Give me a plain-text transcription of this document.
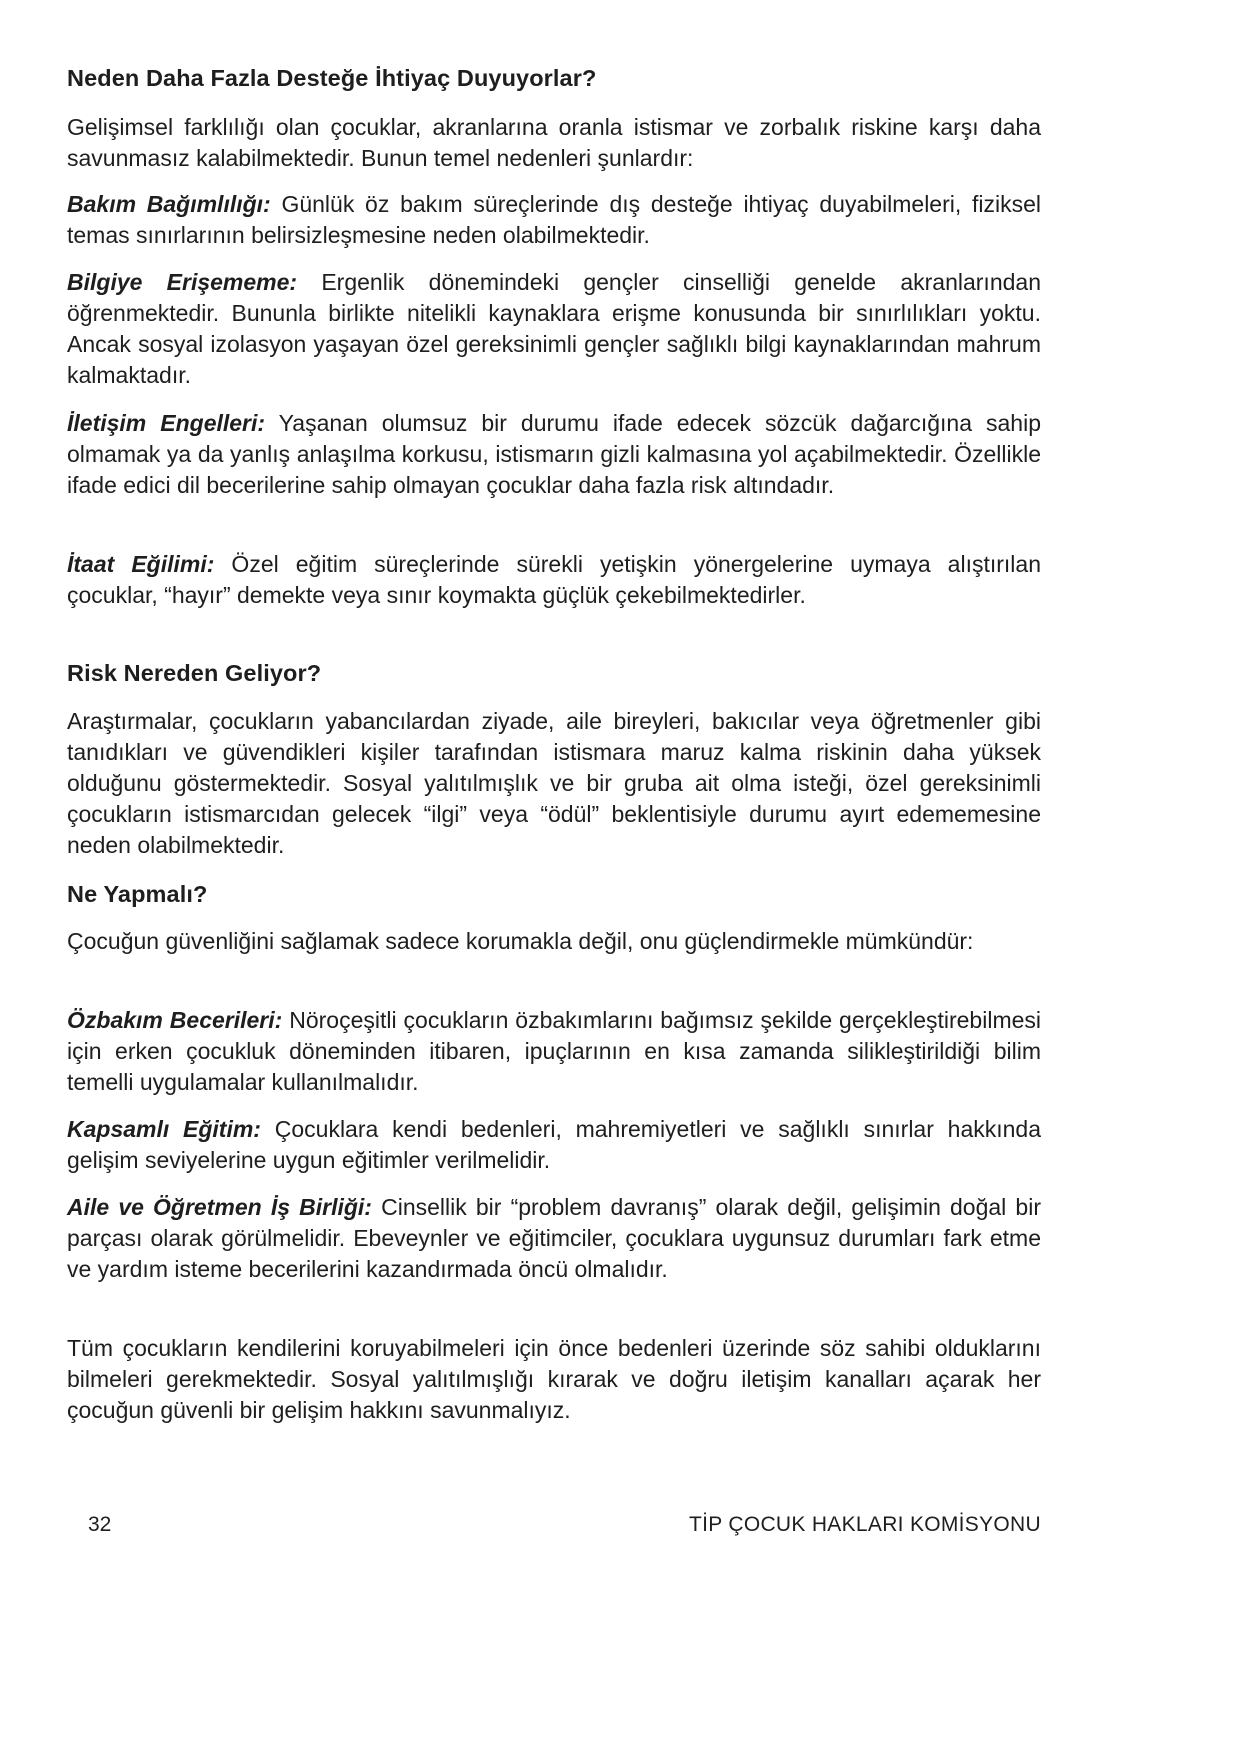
Neden Daha Fazla Desteğe İhtiyaç Duyuyorlar?

Gelişimsel farklılığı olan çocuklar, akranlarına oranla istismar ve zorbalık riskine karşı daha savunmasız kalabilmektedir. Bunun temel nedenleri şunlardır:

Bakım Bağımlılığı: Günlük öz bakım süreçlerinde dış desteğe ihtiyaç duyabilmeleri, fiziksel temas sınırlarının belirsizleşmesine neden olabilmektedir.

Bilgiye Erişememe: Ergenlik dönemindeki gençler cinselliği genelde akranlarından öğrenmektedir. Bununla birlikte nitelikli kaynaklara erişme konusunda bir sınırlılıkları yoktu. Ancak sosyal izolasyon yaşayan özel gereksinimli gençler sağlıklı bilgi kaynaklarından mahrum kalmaktadır.

İletişim Engelleri: Yaşanan olumsuz bir durumu ifade edecek sözcük dağarcığına sahip olmamak ya da yanlış anlaşılma korkusu, istismarın gizli kalmasına yol açabilmektedir. Özellikle ifade edici dil becerilerine sahip olmayan çocuklar daha fazla risk altındadır.

İtaat Eğilimi: Özel eğitim süreçlerinde sürekli yetişkin yönergelerine uymaya alıştırılan çocuklar, “hayır” demekte veya sınır koymakta güçlük çekebilmektedirler.

Risk Nereden Geliyor?

Araştırmalar, çocukların yabancılardan ziyade, aile bireyleri, bakıcılar veya öğretmenler gibi tanıdıkları ve güvendikleri kişiler tarafından istismara maruz kalma riskinin daha yüksek olduğunu göstermektedir. Sosyal yalıtılmışlık ve bir gruba ait olma isteği, özel gereksinimli çocukların istismarcıdan gelecek “ilgi” veya “ödül” beklentisiyle durumu ayırt edememesine neden olabilmektedir.

Ne Yapmalı?

Çocuğun güvenliğini sağlamak sadece korumakla değil, onu güçlendirmekle mümkündür:

Özbakım Becerileri: Nöroçeşitli çocukların özbakımlarını bağımsız şekilde gerçekleştirebilmesi için erken çocukluk döneminden itibaren, ipuçlarının en kısa zamanda silikleştirildiği bilim temelli uygulamalar kullanılmalıdır.

Kapsamlı Eğitim: Çocuklara kendi bedenleri, mahremiyetleri ve sağlıklı sınırlar hakkında gelişim seviyelerine uygun eğitimler verilmelidir.

Aile ve Öğretmen İş Birliği: Cinsellik bir “problem davranış” olarak değil, gelişimin doğal bir parçası olarak görülmelidir. Ebeveynler ve eğitimciler, çocuklara uygunsuz durumları fark etme ve yardım isteme becerilerini kazandırmada öncü olmalıdır.

Tüm çocukların kendilerini koruyabilmeleri için önce bedenleri üzerinde söz sahibi olduklarını bilmeleri gerekmektedir. Sosyal yalıtılmışlığı kırarak ve doğru iletişim kanalları açarak her çocuğun güvenli bir gelişim hakkını savunmalıyız.

32	TİP ÇOCUK HAKLARI KOMİSYONU
